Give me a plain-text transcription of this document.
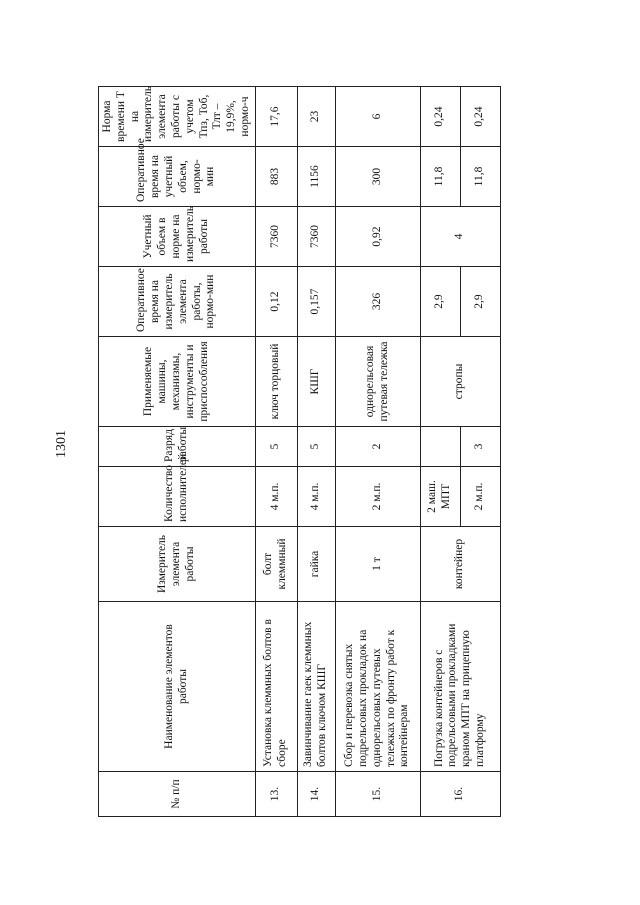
1301
№ п/п	Наименование элементов работы	Измеритель элемента работы	Количество исполнителей	Разряд работы	Применяемые машины, механизмы, инструменты и приспособления	Оперативное время на измеритель элемента работы, нормо-мин	Учетный объем в норме на измеритель работы	Оперативное время на учетный объем, нормо-мин	Норма времени Т на измеритель элемента работы с учетом Тпз, Тоб, Тлт – 19,9%, нормо-ч
13.	Установка клеммных болтов в сборе	болт клеммный	4 м.п.	5	ключ торцовый	0,12	7360	883	17,6
14.	Завинчивание гаек клеммных болтов ключом КШГ	гайка	4 м.п.	5	КШГ	0,157	7360	1156	23
15.	Сбор и перевозка снятых подрельсовых прокладок на однорельсовых путевых тележках по фронту работ к контейнерам	1 т	2 м.п.	2	однорельсовая путевая тележка	326	0,92	300	6
16.	Погрузка контейнеров с подрельсовыми прокладками краном МПТ на прицепную платформу	контейнер	2 маш. МПТ		стропы	2,9	4	11,8	0,24
			2 м.п.	3		2,9		11,8	0,24
